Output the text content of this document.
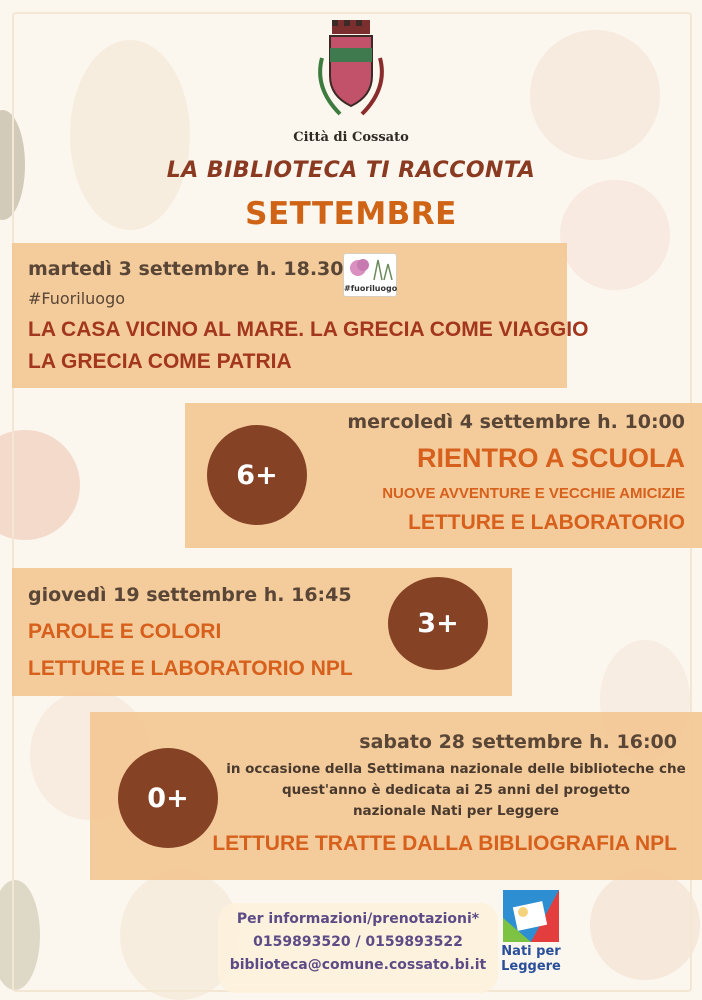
Città di Cossato
LA BIBLIOTECA TI RACCONTA
SETTEMBRE
martedì 3 settembre h. 18.30
#fuoriluogo
#Fuoriluogo
LA CASA VICINO AL MARE. LA GRECIA COME VIAGGIO
LA GRECIA COME PATRIA
6+
mercoledì 4 settembre h. 10:00
RIENTRO A SCUOLA
NUOVE AVVENTURE E VECCHIE AMICIZIE
LETTURE E LABORATORIO
giovedì 19 settembre h. 16:45
PAROLE E COLORI
LETTURE E LABORATORIO NPL
3+
0+
sabato 28 settembre h. 16:00
in occasione della Settimana nazionale delle biblioteche che
quest'anno è dedicata ai 25 anni del progetto
nazionale Nati per Leggere
LETTURE TRATTE DALLA BIBLIOGRAFIA NPL
Per informazioni/prenotazioni*
0159893520 / 0159893522
biblioteca@comune.cossato.bi.it
Nati per
Leggere
